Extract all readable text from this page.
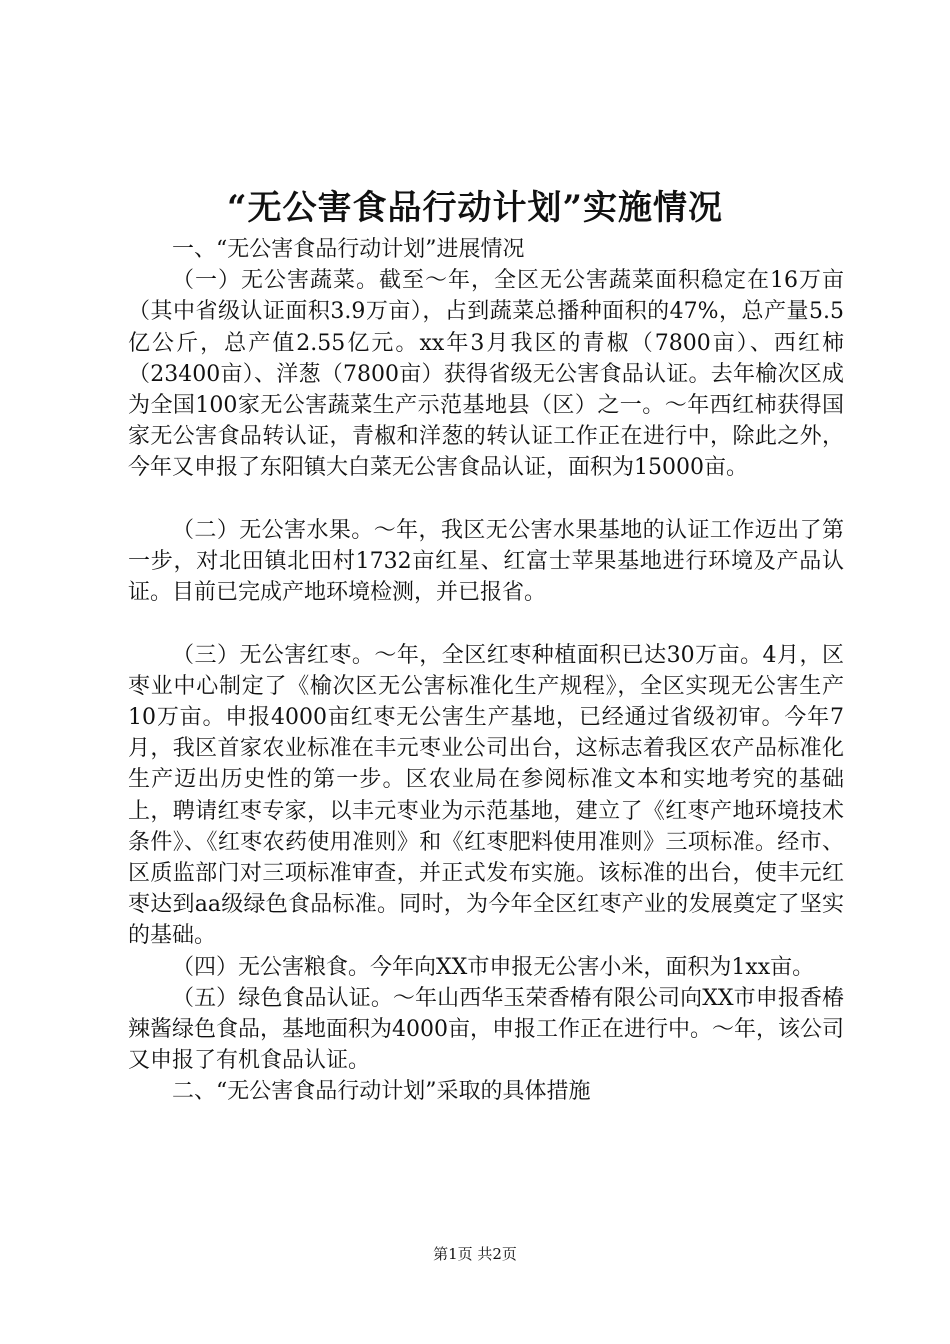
“无公害食品行动计划”实施情况

一、“无公害食品行动计划”进展情况

（一）无公害蔬菜。截至～年，全区无公害蔬菜面积稳定在16万亩（其中省级认证面积3.9万亩），占到蔬菜总播种面积的47%，总产量5.5亿公斤，总产值2.55亿元。xx年3月我区的青椒（7800亩）、西红柿（23400亩）、洋葱（7800亩）获得省级无公害食品认证。去年榆次区成为全国100家无公害蔬菜生产示范基地县（区）之一。～年西红柿获得国家无公害食品转认证，青椒和洋葱的转认证工作正在进行中，除此之外，今年又申报了东阳镇大白菜无公害食品认证，面积为15000亩。

（二）无公害水果。～年，我区无公害水果基地的认证工作迈出了第一步，对北田镇北田村1732亩红星、红富士苹果基地进行环境及产品认证。目前已完成产地环境检测，并已报省。

（三）无公害红枣。～年，全区红枣种植面积已达30万亩。4月，区枣业中心制定了《榆次区无公害标准化生产规程》，全区实现无公害生产10万亩。申报4000亩红枣无公害生产基地，已经通过省级初审。今年7月，我区首家农业标准在丰元枣业公司出台，这标志着我区农产品标准化生产迈出历史性的第一步。区农业局在参阅标准文本和实地考究的基础上，聘请红枣专家，以丰元枣业为示范基地，建立了《红枣产地环境技术条件》、《红枣农药使用准则》和《红枣肥料使用准则》三项标准。经市、区质监部门对三项标准审查，并正式发布实施。该标准的出台，使丰元红枣达到aa级绿色食品标准。同时，为今年全区红枣产业的发展奠定了坚实的基础。

（四）无公害粮食。今年向XX市申报无公害小米，面积为1xx亩。

（五）绿色食品认证。～年山西华玉荣香椿有限公司向XX市申报香椿辣酱绿色食品，基地面积为4000亩，申报工作正在进行中。～年，该公司又申报了有机食品认证。

二、“无公害食品行动计划”采取的具体措施

第1页 共2页
